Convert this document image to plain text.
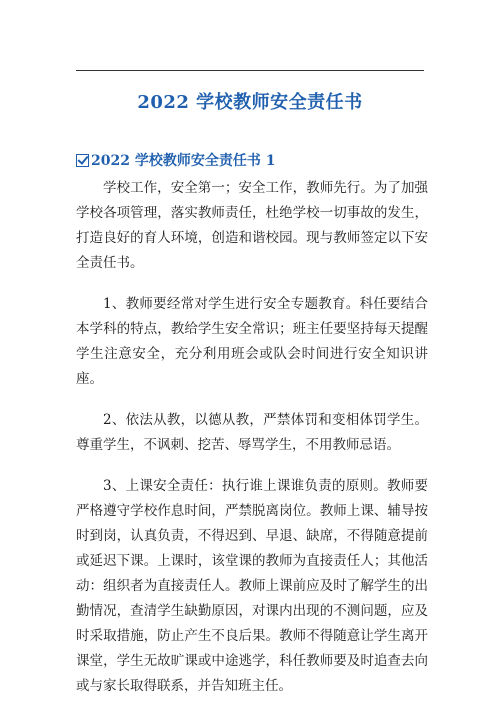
2022 学校教师安全责任书
2022 学校教师安全责任书 1

学校工作，安全第一；安全工作，教师先行。为了加强学校各项管理，落实教师责任，杜绝学校一切事故的发生，打造良好的育人环境，创造和谐校园。现与教师签定以下安全责任书。

1、教师要经常对学生进行安全专题教育。科任要结合本学科的特点，教给学生安全常识；班主任要坚持每天提醒学生注意安全，充分利用班会或队会时间进行安全知识讲座。

2、依法从教，以德从教，严禁体罚和变相体罚学生。  尊重学生，不讽刺、挖苦、辱骂学生，不用教师忌语。

3、上课安全责任：执行谁上课谁负责的原则。教师要严格遵守学校作息时间，严禁脱离岗位。教师上课、辅导按时到岗，认真负责，不得迟到、早退、缺席，不得随意提前或延迟下课。上课时，该堂课的教师为直接责任人；其他活动：组织者为直接责任人。教师上课前应及时了解学生的出勤情况，查清学生缺勤原因，对课内出现的不测问题，应及时采取措施，防止产生不良后果。教师不得随意让学生离开课堂，学生无故旷课或中途逃学，科任教师要及时追查去向或与家长取得联系，并告知班主任。
